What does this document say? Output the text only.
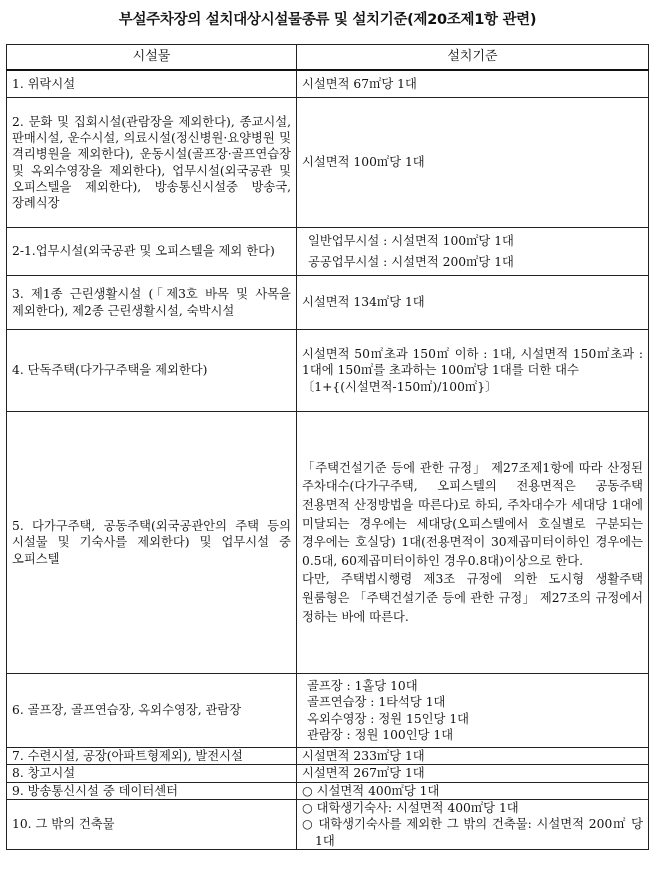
부설주차장의 설치대상시설물종류 및 설치기준(제20조제1항 관련)
시설물	설치기준
1. 위락시설	시설면적 67㎡당 1대

2. 문화 및 집회시설(관람장을 제외한다), 종교시설, 판매시설, 운수시설, 의료시설(정신병원·요양병원 및 격리병원을 제외한다), 운동시설(골프장·골프연습장 및 옥외수영장을 제외한다), 업무시설(외국공관 및 오피스텔을 제외한다), 방송통신시설중 방송국, 장례식장	시설면적 100㎡당 1대

2-1.업무시설(외국공관 및 오피스텔을 제외 한다)	일반업무시설 : 시설면적 100㎡당 1대
공공업무시설 : 시설면적 200㎡당 1대

3. 제1종 근린생활시설 (「제3호 바목 및 사목을 제외한다), 제2종 근린생활시설, 숙박시설	시설면적 134㎡당 1대

4. 단독주택(다가구주택을 제외한다)	시설면적 50㎡초과 150㎡ 이하 : 1대, 시설면적 150㎡초과 : 1대에 150㎡를 초과하는 100㎡당 1대를 더한 대수
〔1+{(시설면적-150㎡)/100㎡}〕

5. 다가구주택, 공동주택(외국공관안의 주택 등의 시설물 및 기숙사를 제외한다) 및 업무시설 중 오피스텔	「주택건설기준 등에 관한 규정」 제27조제1항에 따라 산정된 주차대수(다가구주택, 오피스텔의 전용면적은 공동주택 전용면적 산정방법을 따른다)로 하되, 주차대수가 세대당 1대에 미달되는 경우에는 세대당(오피스텔에서 호실별로 구분되는 경우에는 호실당) 1대(전용면적이 30제곱미터이하인 경우에는 0.5대, 60제곱미터이하인 경우0.8대)이상으로 한다.
다만, 주택법시행령 제3조 규정에 의한 도시형 생활주택 원룸형은 「주택건설기준 등에 관한 규정」 제27조의 규정에서 정하는 바에 따른다.

6. 골프장, 골프연습장, 옥외수영장, 관람장	골프장 : 1홀당 10대
골프연습장 : 1타석당 1대
옥외수영장 : 정원 15인당 1대
관람장 : 정원 100인당 1대

7. 수련시설, 공장(아파트형제외), 발전시설	시설면적 233㎡당 1대

8. 창고시설	시설면적 267㎡당 1대

9. 방송통신시설 중 데이터센터	○ 시설면적 400㎡당 1대

10. 그 밖의 건축물	○ 대학생기숙사: 시설면적 400㎡당 1대
○ 대학생기숙사를 제외한 그 밖의 건축물: 시설면적 200㎡ 당 1대
